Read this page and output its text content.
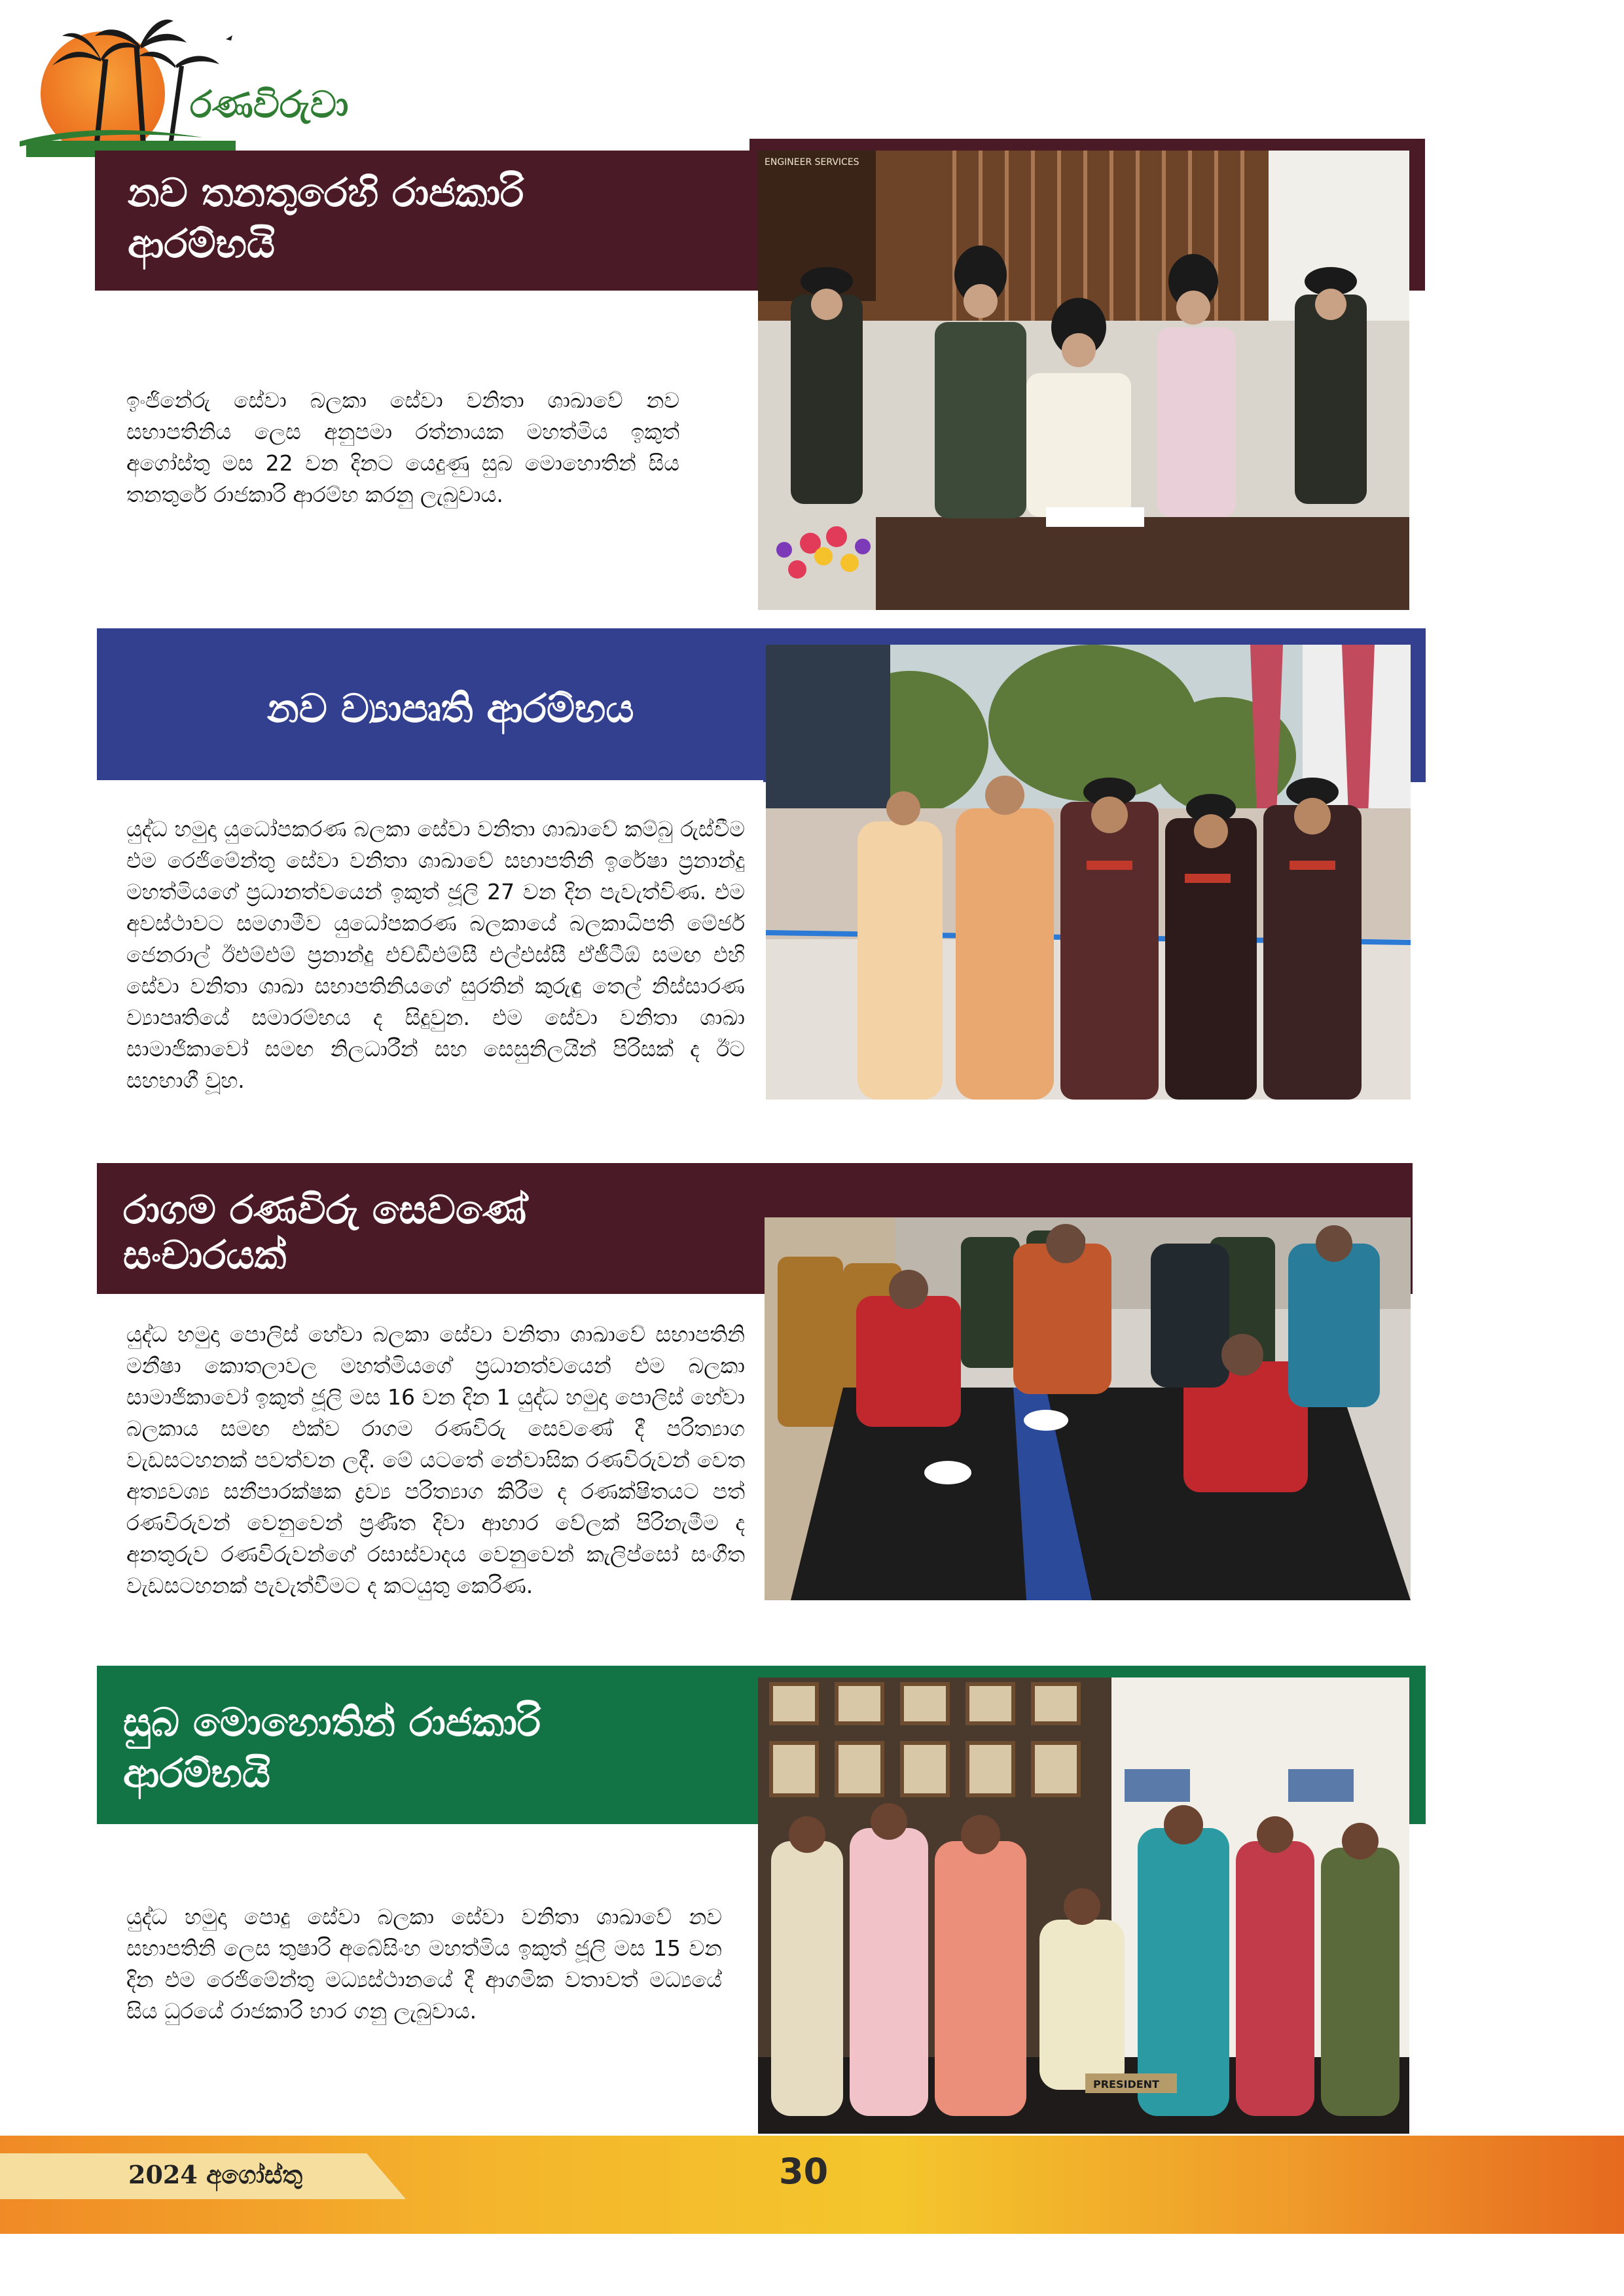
රණවිරුවා
නව තනතුරෙහි රාජකාරි
ආරම්භයි
ENGINEER SERVICES

ඉංජිනේරු සේවා බලකා සේවා වනිතා ශාඛාවේ නව සභාපතිනිය ලෙස අනුපමා රත්නායක මහත්මිය ඉකුත් අගෝස්තු මස 22 වන දිනට යෙදුණු සුබ මොහොතින් සිය තනතුරේ රාජකාරි ආරම්භ කරනු ලැබුවාය.

නව ව්‍යාපෘති ආරම්භය

යුද්ධ හමුදා යුධෝපකරණ බලකා සේවා වනිතා ශාඛාවේ කම්බු රුස්වීම එම රෙජිමේන්තු සේවා වනිතා ශාඛාවේ සභාපතිනි ඉරේෂා ප්‍රනාන්දු මහත්මියගේ ප්‍රධානත්වයෙන් ඉකුත් ජූලි 27 වන දින පැවැත්විණ. එම අවස්ථාවට සමගාමීව යුධෝපකරණ බලකායේ බලකාධිපති මේජර් ජෙනරාල් ඊඑම්එම් ප්‍රනාන්දු එච්ඩීඑම්සී එල්එස්සී ඒජීටීඕ සමඟ එහි සේවා වනිතා ශාඛා සභාපතිනියගේ සුරතින් කුරුඳු තෙල් නිස්සාරණ ව්‍යාපෘතියේ සමාරම්භය ද සිදුවුන. එම සේවා වනිතා ශාඛා සාමාජිකාවෝ සමඟ නිලධාරීන් සහ සෙසුනිලයින් පිරිසක් ද ඊට සහභාගී වූහ.

රාගම රණවිරු සෙවණේ
සංචාරයක්

යුද්ධ හමුදා පොලිස් හේවා බලකා සේවා වනිතා ශාඛාවේ සභාපතිනි මනීෂා කොතලාවල මහත්මියගේ ප්‍රධානත්වයෙන් එම බලකා සාමාජිකාවෝ ඉකුත් ජූලි මස 16 වන දින 1 යුද්ධ හමුදා පොලිස් හේවා බලකාය සමඟ එක්ව රාගම රණවිරු සෙවණේ දී පරිත්‍යාග වැඩසටහනක් පවත්වන ලදී. මේ යටතේ නේවාසික රණවිරුවන් වෙත අත්‍යවශ්‍ය සනීපාරක්ෂක ද්‍රව්‍ය පරිත්‍යාග කිරීම ද රණක්ෂිතයට පත් රණවිරුවන් වෙනුවෙන් ප්‍රණීත දිවා ආහාර වේලක් පිරිනැමීම ද අනතුරුව රණවිරුවන්ගේ රසාස්වාදය වෙනුවෙන් කැලිප්සෝ සංගීත වැඩසටහනක් පැවැත්වීමට ද කටයුතු කෙරිණ.

සුබ මොහොතින් රාජකාරි
ආරම්භයි
PRESIDENT

යුද්ධ හමුදා පොදු සේවා බලකා සේවා වනිතා ශාඛාවේ නව සභාපතිනි ලෙස තුෂාරි අබේසිංහ මහත්මිය ඉකුත් ජූලි මස 15 වන දින එම රෙජිමේන්තු මධ්‍යස්ථානයේ දී ආගමික වතාවත් මධ්‍යයේ සිය ධුරයේ රාජකාරි භාර ගනු ලැබුවාය.

2024 අගෝස්තු	30
